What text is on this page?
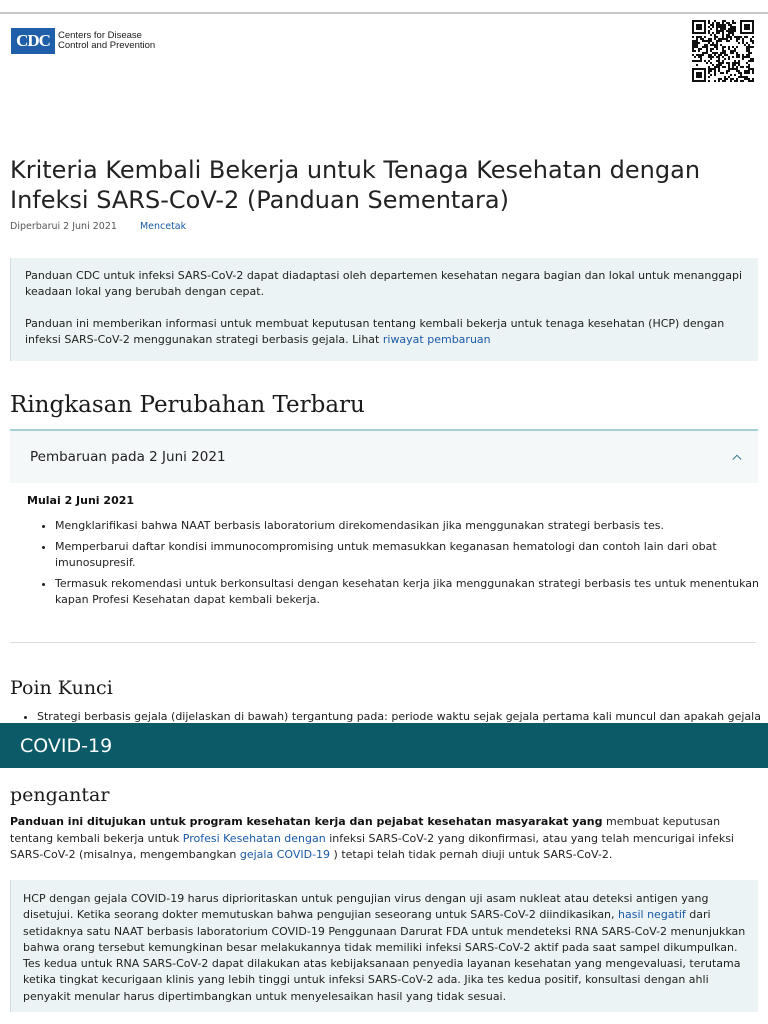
CDC Centers for Disease
Control and Prevention
Kriteria Kembali Bekerja untuk Tenaga Kesehatan dengan Infeksi SARS-CoV-2 (Panduan Sementara)
Diperbarui 2 Juni 2021 Mencetak

Panduan CDC untuk infeksi SARS-CoV-2 dapat diadaptasi oleh departemen kesehatan negara bagian dan lokal untuk menanggapi keadaan lokal yang berubah dengan cepat.

Panduan ini memberikan informasi untuk membuat keputusan tentang kembali bekerja untuk tenaga kesehatan (HCP) dengan infeksi SARS-CoV-2 menggunakan strategi berbasis gejala. Lihat riwayat pembaruan

Ringkasan Perubahan Terbaru
Pembaruan pada 2 Juni 2021
Mulai 2 Juni 2021
• Mengklarifikasi bahwa NAAT berbasis laboratorium direkomendasikan jika menggunakan strategi berbasis tes.
• Memperbarui daftar kondisi immunocompromising untuk memasukkan keganasan hematologi dan contoh lain dari obat imunosupresif.
• Termasuk rekomendasi untuk berkonsultasi dengan kesehatan kerja jika menggunakan strategi berbasis tes untuk menentukan kapan Profesi Kesehatan dapat kembali bekerja.
Poin Kunci
• Strategi berbasis gejala (dijelaskan di bawah) tergantung pada: periode waktu sejak gejala pertama kali muncul dan apakah gejala
COVID-19
pengantar

Panduan ini ditujukan untuk program kesehatan kerja dan pejabat kesehatan masyarakat yang membuat keputusan tentang kembali bekerja untuk Profesi Kesehatan dengan infeksi SARS-CoV-2 yang dikonfirmasi, atau yang telah mencurigai infeksi SARS-CoV-2 (misalnya, mengembangkan gejala COVID-19 ) tetapi telah tidak pernah diuji untuk SARS-CoV-2.

HCP dengan gejala COVID-19 harus diprioritaskan untuk pengujian virus dengan uji asam nukleat atau deteksi antigen yang disetujui. Ketika seorang dokter memutuskan bahwa pengujian seseorang untuk SARS-CoV-2 diindikasikan, hasil negatif dari setidaknya satu NAAT berbasis laboratorium COVID-19 Penggunaan Darurat FDA untuk mendeteksi RNA SARS-CoV-2 menunjukkan bahwa orang tersebut kemungkinan besar melakukannya tidak memiliki infeksi SARS-CoV-2 aktif pada saat sampel dikumpulkan. Tes kedua untuk RNA SARS-CoV-2 dapat dilakukan atas kebijaksanaan penyedia layanan kesehatan yang mengevaluasi, terutama ketika tingkat kecurigaan klinis yang lebih tinggi untuk infeksi SARS-CoV-2 ada. Jika tes kedua positif, konsultasi dengan ahli penyakit menular harus dipertimbangkan untuk menyelesaikan hasil yang tidak sesuai.
